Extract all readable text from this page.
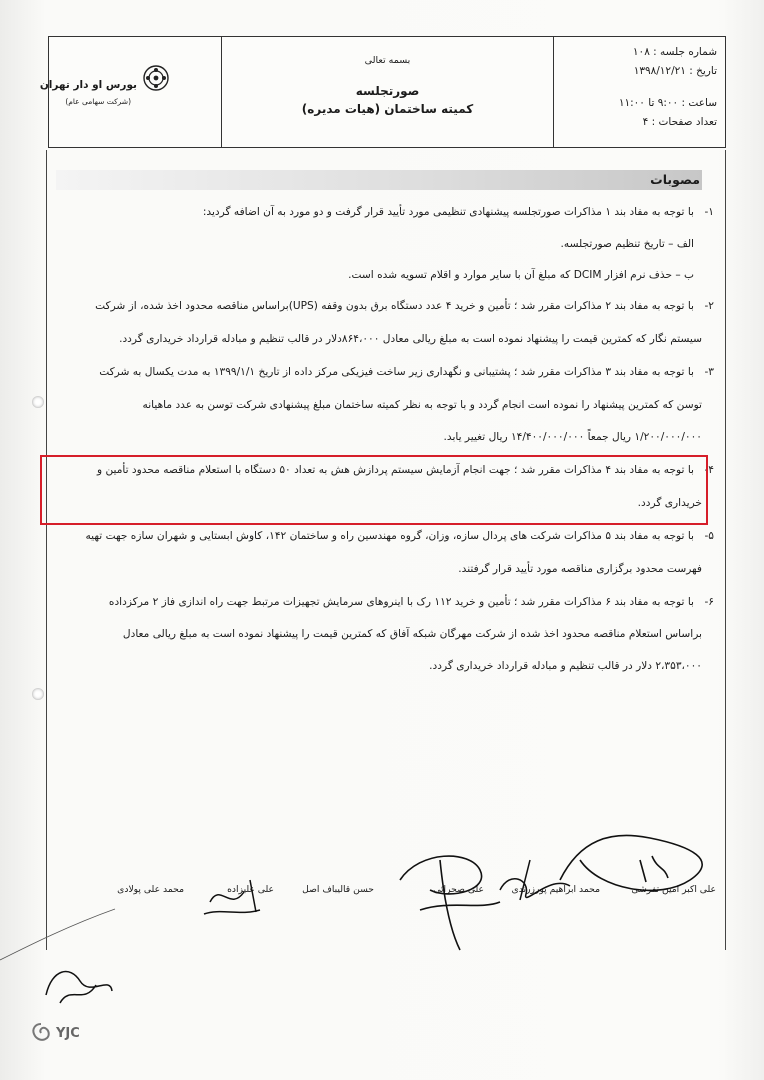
شماره جلسه : ۱۰۸
تاریخ : ۱۳۹۸/۱۲/۲۱
ساعت : ۹:۰۰ تا ۱۱:۰۰
تعداد صفحات : ۴
بسمه تعالی
صورتجلسه
کمیته ساختمان (هیات مدیره)
بورس او دار تهران
(شرکت سهامی عام)
مصوبات
۱-
با توجه به مفاد بند ۱ مذاکرات صورتجلسه پیشنهادی تنظیمی مورد تأیید قرار گرفت و دو مورد به آن اضافه گردید:
الف – تاریخ تنظیم صورتجلسه.
ب – حذف نرم افزار DCIM که مبلغ آن با سایر موارد و اقلام تسویه شده است.
۲-
با توجه به مفاد بند ۲ مذاکرات مقرر شد ؛ تأمین و خرید ۴ عدد دستگاه برق بدون وقفه (UPS)براساس مناقصه محدود اخذ شده، از شرکت
سیستم نگار که کمترین قیمت را پیشنهاد نموده است به مبلغ ریالی معادل ۸۶۴،۰۰۰دلار در قالب تنظیم و مبادله قرارداد خریداری گردد.
۳-
با توجه به مفاد بند ۳ مذاکرات مقرر شد ؛ پشتیبانی و نگهداری زیر ساخت فیزیکی مرکز داده از تاریخ ۱۳۹۹/۱/۱ به مدت یکسال به شرکت
توسن که کمترین پیشنهاد را نموده است انجام گردد و با توجه به نظر کمیته ساختمان مبلغ پیشنهادی شرکت توسن به عدد ماهیانه
۱/۲۰۰/۰۰۰/۰۰۰ ریال جمعاً ۱۴/۴۰۰/۰۰۰/۰۰۰ ریال تغییر یابد.
۴-
با توجه به مفاد بند ۴ مذاکرات مقرر شد ؛ جهت انجام آزمایش سیستم پردازش هش به تعداد ۵۰ دستگاه با استعلام مناقصه محدود تأمین و
خریداری گردد.
۵-
با توجه به مفاد بند ۵ مذاکرات شرکت های پردال سازه، وزان، گروه مهندسین راه و ساختمان ۱۴۲، کاوش ابستایی و شهران سازه جهت تهیه
فهرست محدود برگزاری مناقصه مورد تأیید قرار گرفتند.
۶-
با توجه به مفاد بند ۶ مذاکرات مقرر شد ؛ تأمین و خرید ۱۱۲ رک با اینروهای سرمایش تجهیزات مرتبط جهت راه اندازی فاز ۲ مرکزداده
براساس استعلام مناقصه محدود اخذ شده از شرکت مهرگان شبکه آفاق که کمترین قیمت را پیشنهاد نموده است به مبلغ ریالی معادل
۲،۳۵۳،۰۰۰ دلار در قالب تنظیم و مبادله قرارداد خریداری گردد.
علی اکبر امین تفرشی
محمد ابراهیم پورزرندی
علی صحرائی
حسن قالیباف اصل
علی علیزاده
محمد علی پولادی
YJC
